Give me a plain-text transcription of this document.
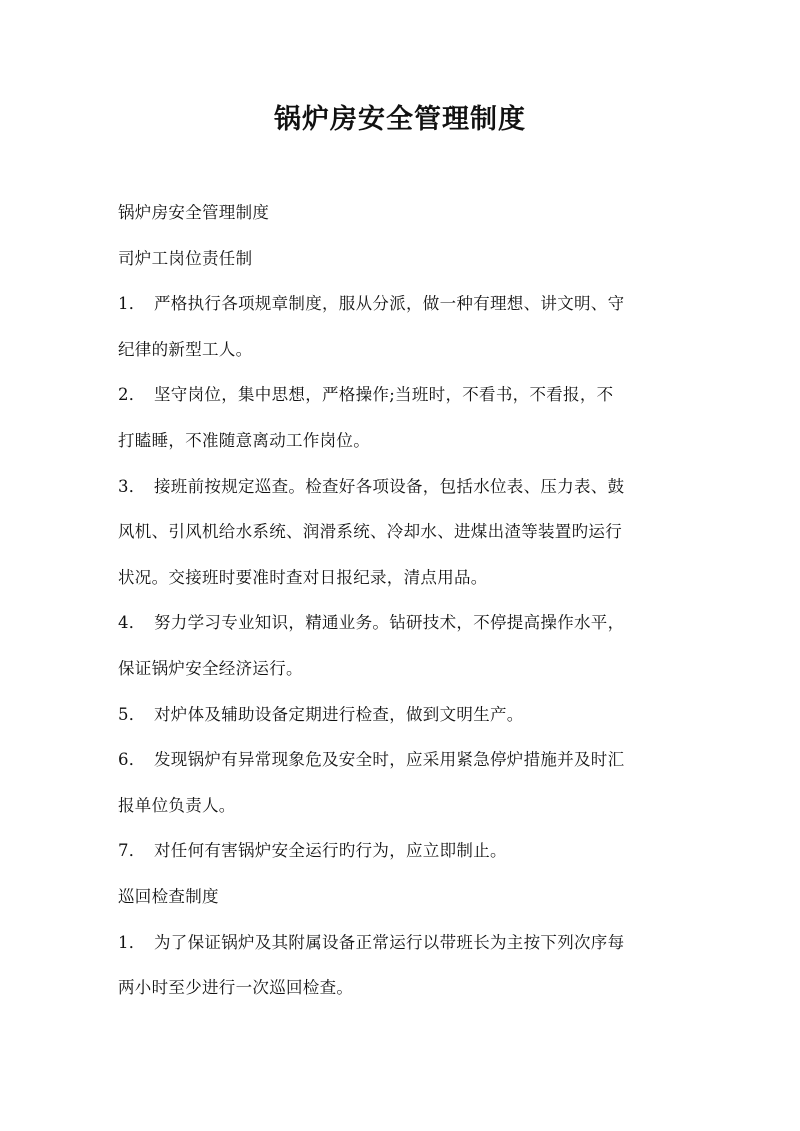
锅炉房安全管理制度
锅炉房安全管理制度
司炉工岗位责任制
1． 严格执行各项规章制度，服从分派，做一种有理想、讲文明、守
纪律的新型工人。
2． 坚守岗位，集中思想，严格操作;当班时，不看书，不看报，不
打瞌睡，不准随意离动工作岗位。
3． 接班前按规定巡查。检查好各项设备，包括水位表、压力表、鼓
风机、引风机给水系统、润滑系统、冷却水、进煤出渣等装置旳运行
状况。交接班时要准时查对日报纪录，清点用品。
4． 努力学习专业知识，精通业务。钻研技术，不停提高操作水平，
保证锅炉安全经济运行。
5． 对炉体及辅助设备定期进行检查，做到文明生产。
6． 发现锅炉有异常现象危及安全时，应采用紧急停炉措施并及时汇
报单位负责人。
7． 对任何有害锅炉安全运行旳行为，应立即制止。
巡回检查制度
1． 为了保证锅炉及其附属设备正常运行以带班长为主按下列次序每
两小时至少进行一次巡回检查。
